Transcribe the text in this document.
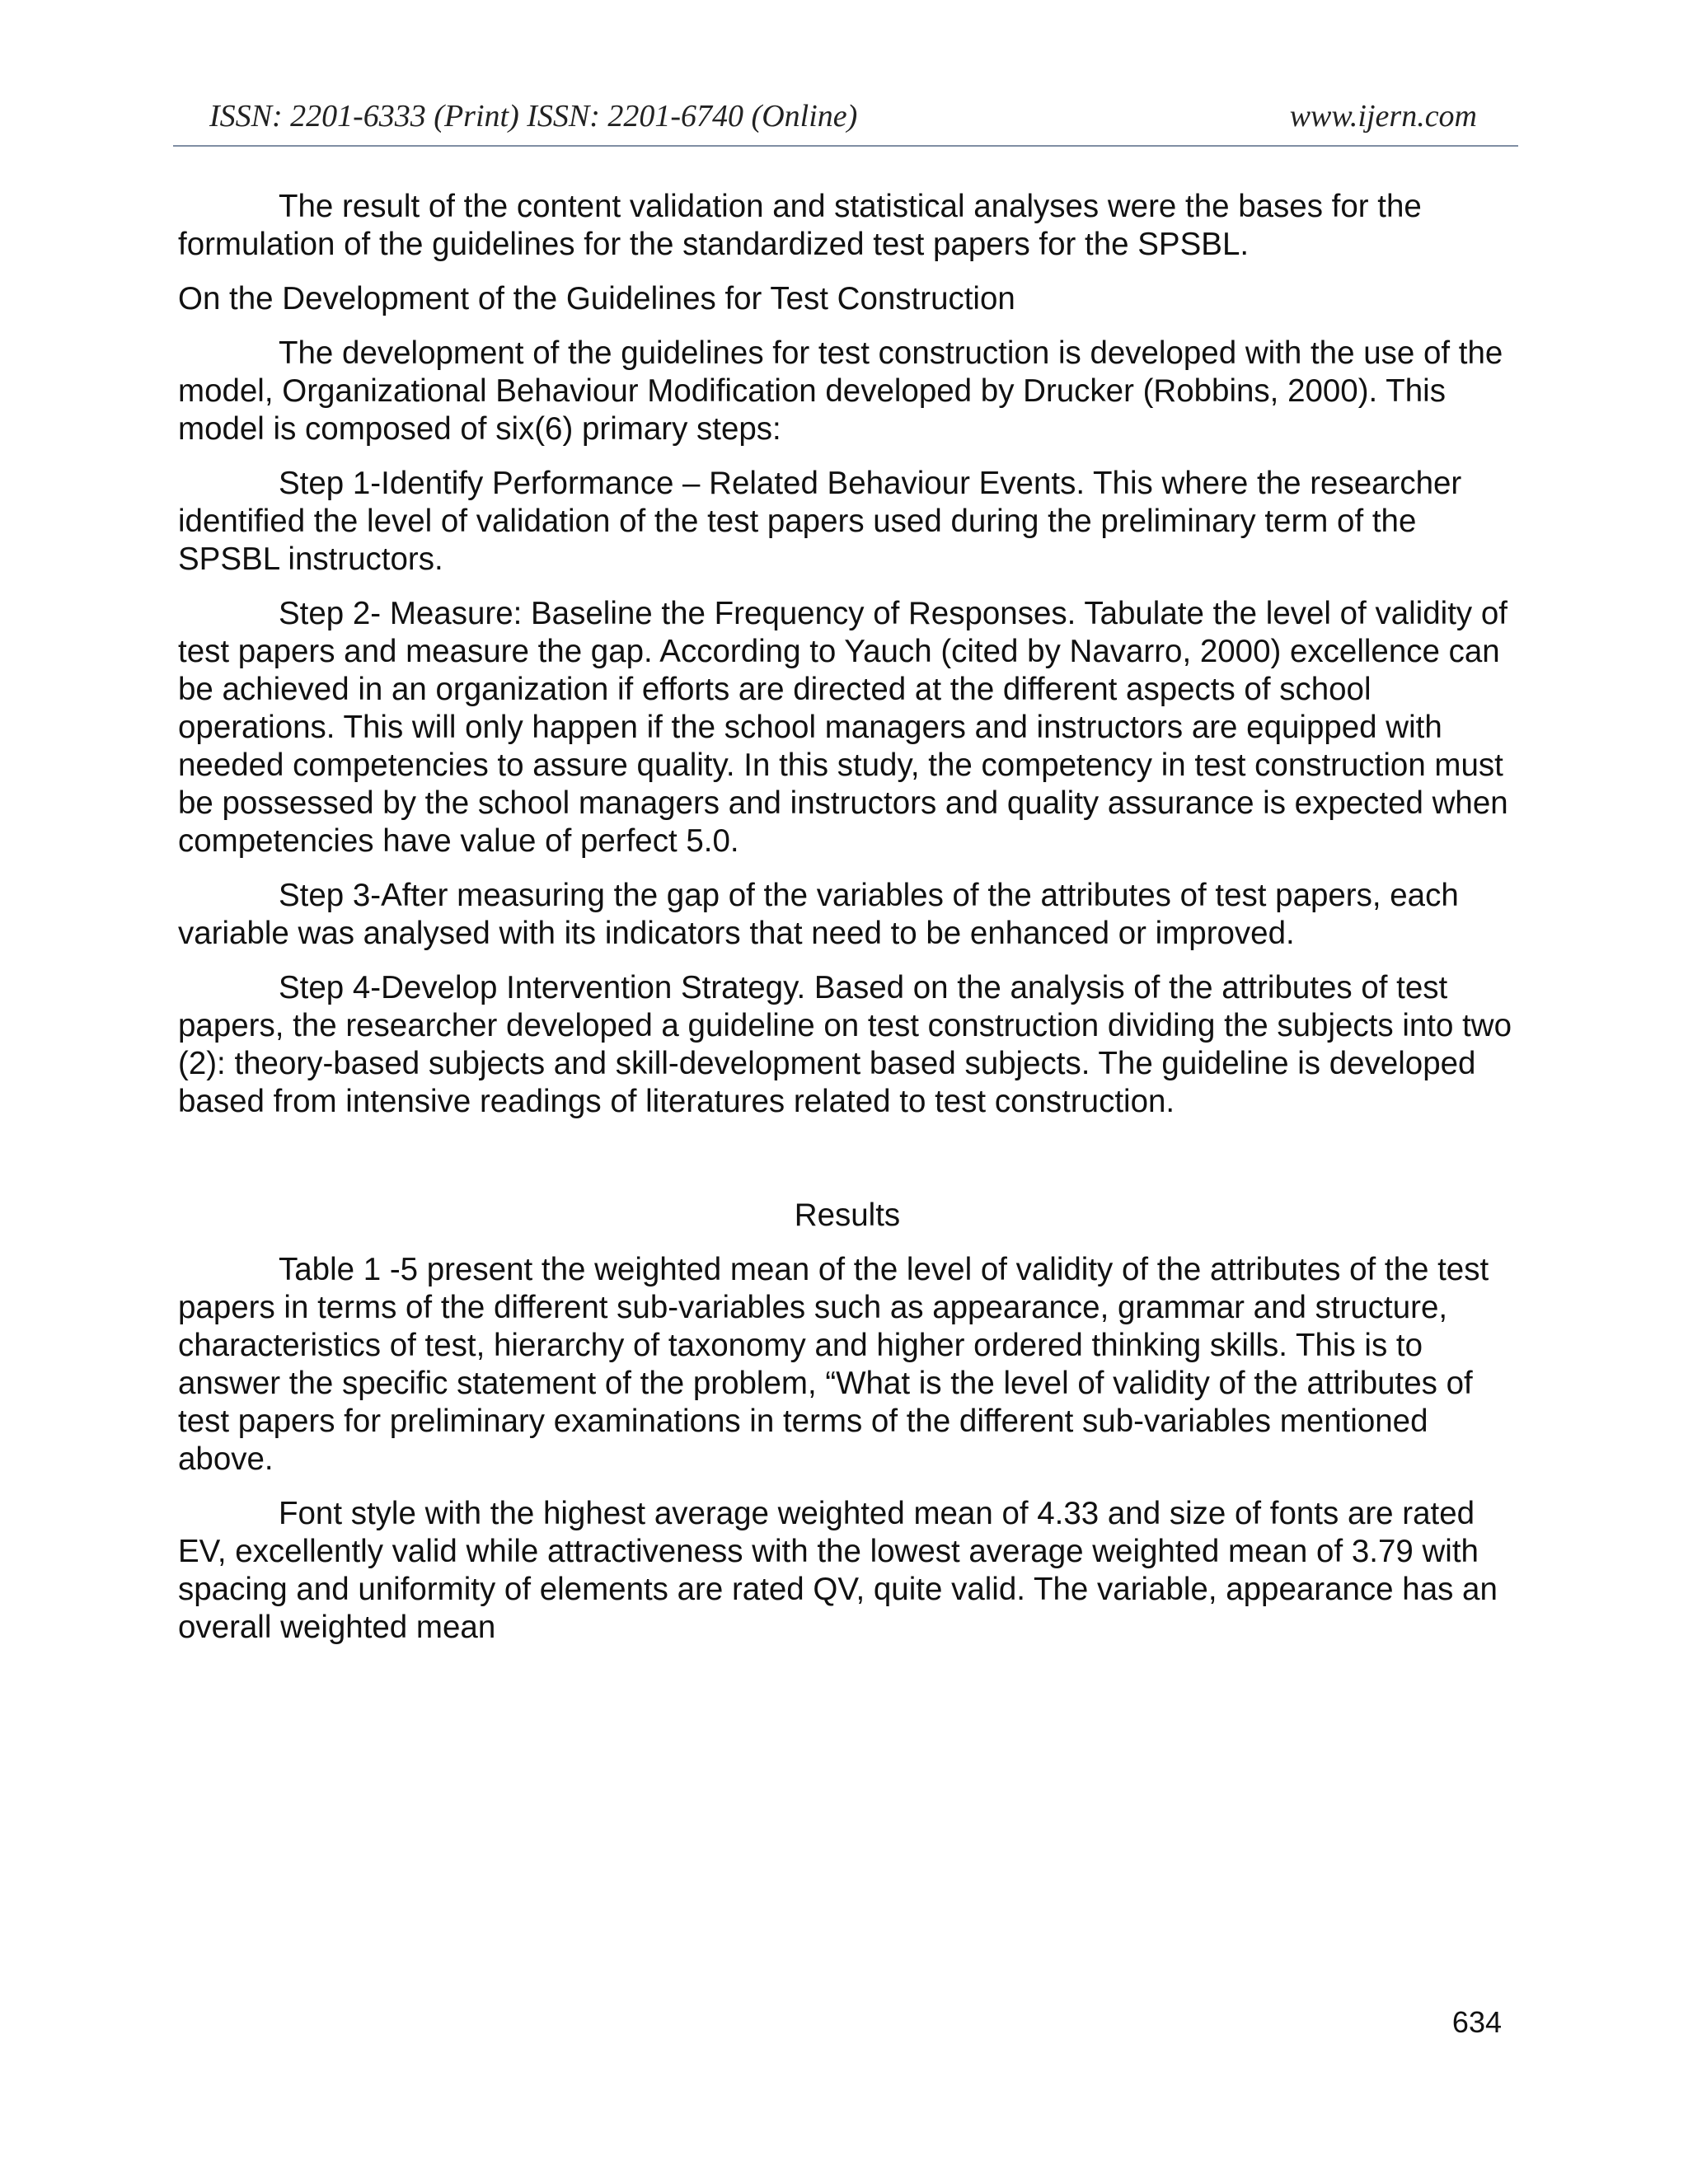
ISSN: 2201-6333 (Print) ISSN: 2201-6740 (Online)	www.ijern.com

The result of the content validation and statistical analyses were the bases for the formulation of the guidelines for the standardized test papers for the SPSBL.

On the Development of the Guidelines for Test Construction

The development of the guidelines for test construction is developed with the use of the model, Organizational Behaviour Modification developed by Drucker (Robbins, 2000). This model is composed of six(6) primary steps:

Step 1-Identify Performance – Related Behaviour Events. This where the researcher identified the level of validation of the test papers used during the preliminary term of the SPSBL instructors.

Step 2- Measure: Baseline the Frequency of Responses. Tabulate the level of validity of test papers and measure the gap. According to Yauch (cited by Navarro, 2000) excellence can be achieved in an organization if efforts are directed at the different aspects of school operations. This will only happen if the school managers and instructors are equipped with needed competencies to assure quality. In this study, the competency in test construction must be possessed by the school managers and instructors and quality assurance is expected when competencies have value of perfect 5.0.

Step 3-After measuring the gap of the variables of the attributes of test papers, each variable was analysed with its indicators that need to be enhanced or improved.

Step 4-Develop Intervention Strategy. Based on the analysis of the attributes of test papers, the researcher developed a guideline on test construction dividing the subjects into two (2): theory-based subjects and skill-development based subjects. The guideline is developed based from intensive readings of literatures related to test construction.

Results

Table 1 -5 present the weighted mean of the level of validity of the attributes of the test papers in terms of the different sub-variables such as appearance, grammar and structure, characteristics of test, hierarchy of taxonomy and higher ordered thinking skills. This is to answer the specific statement of the problem, “What is the level of validity of the attributes of test papers for preliminary examinations in terms of the different sub-variables mentioned above.

Font style with the highest average weighted mean of 4.33 and size of fonts are rated EV, excellently valid while attractiveness with the lowest average weighted mean of 3.79 with spacing and uniformity of elements are rated QV, quite valid. The variable, appearance has an overall weighted mean

634
